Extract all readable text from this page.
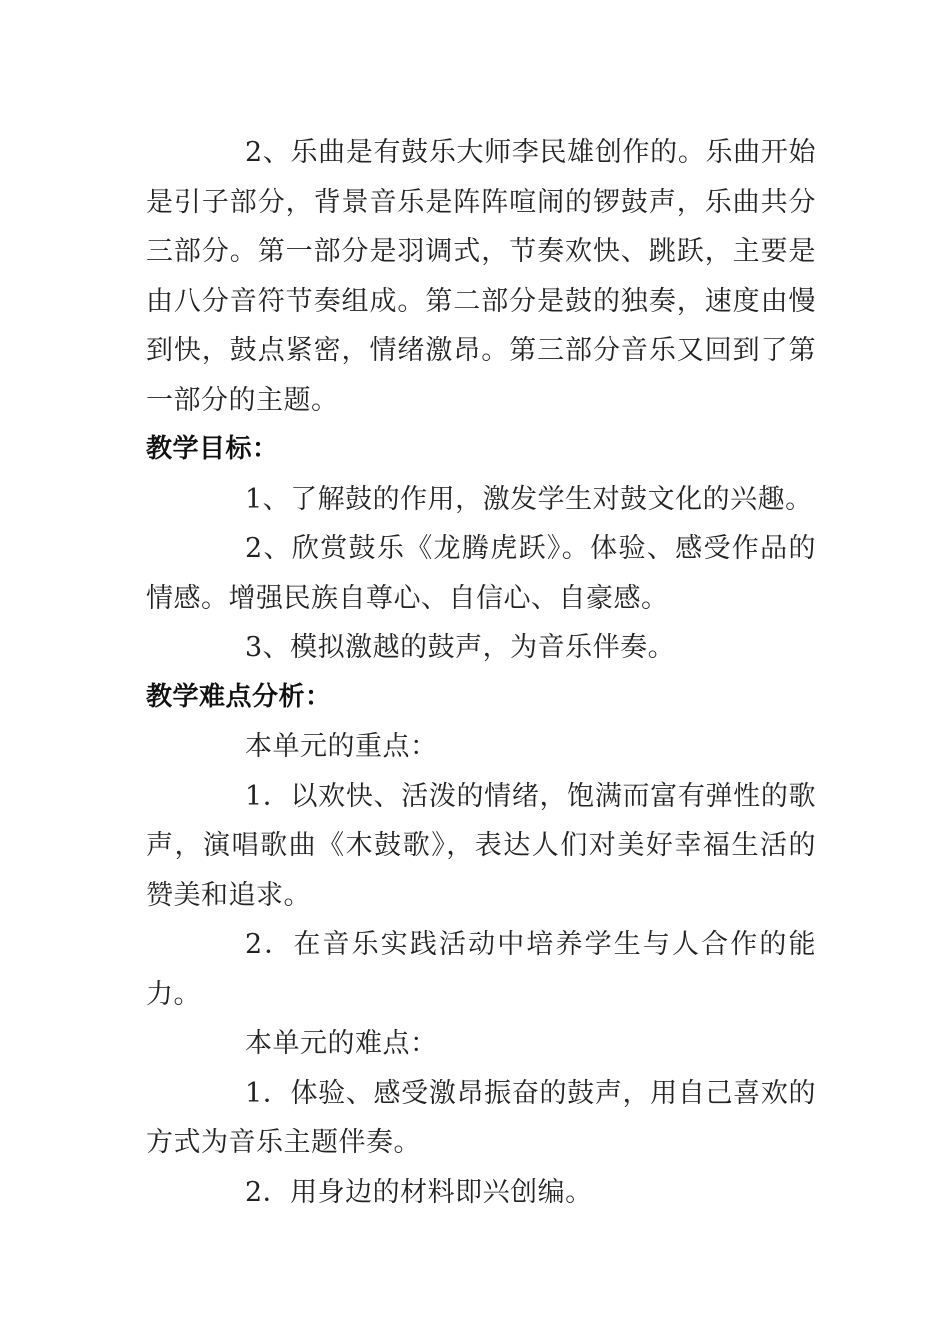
2、乐曲是有鼓乐大师李民雄创作的。乐曲开始是引子部分，背景音乐是阵阵喧闹的锣鼓声，乐曲共分三部分。第一部分是羽调式，节奏欢快、跳跃，主要是由八分音符节奏组成。第二部分是鼓的独奏，速度由慢到快，鼓点紧密，情绪激昂。第三部分音乐又回到了第一部分的主题。

教学目标：

1、了解鼓的作用，激发学生对鼓文化的兴趣。

2、欣赏鼓乐《龙腾虎跃》。体验、感受作品的情感。增强民族自尊心、自信心、自豪感。

3、模拟激越的鼓声，为音乐伴奏。

教学难点分析：

本单元的重点：

1．以欢快、活泼的情绪，饱满而富有弹性的歌声，演唱歌曲《木鼓歌》，表达人们对美好幸福生活的赞美和追求。

2．在音乐实践活动中培养学生与人合作的能力。

本单元的难点：

1．体验、感受激昂振奋的鼓声，用自己喜欢的方式为音乐主题伴奏。

2．用身边的材料即兴创编。
